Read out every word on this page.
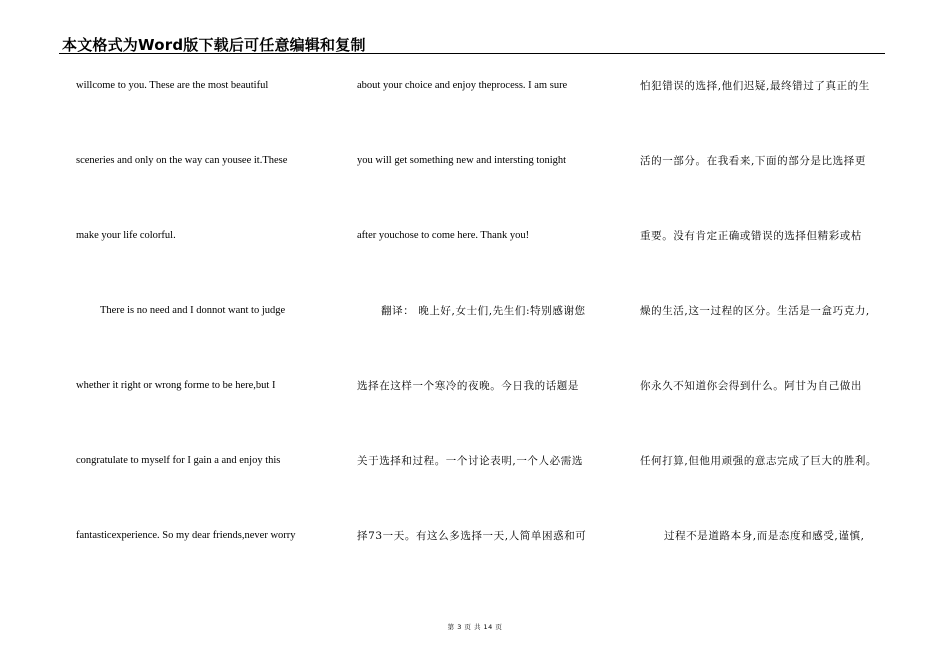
本文格式为Word版下载后可任意编辑和复制
willcome to you. These are the most beautiful
sceneries and only on the way can yousee it.These
make your life colorful.
There is no need and I donnot want to judge
whether it right or wrong forme to be here,but I
congratulate to myself for I gain a and enjoy this
fantasticexperience. So my dear friends,never worry
about your choice and enjoy theprocess. I am sure
you will get something new and intersting tonight
after youchose to come here. Thank you!
翻译： 晚上好,女士们,先生们:特别感谢您
选择在这样一个寒冷的夜晚。今日我的话题是
关于选择和过程。一个讨论表明,一个人必需选
择73一天。有这么多选择一天,人简单困惑和可
怕犯错误的选择,他们迟疑,最终错过了真正的生
活的一部分。在我看来,下面的部分是比选择更
重要。没有肯定正确或错误的选择但精彩或枯
燥的生活,这一过程的区分。生活是一盒巧克力,
你永久不知道你会得到什么。阿甘为自己做出
任何打算,但他用顽强的意志完成了巨大的胜利。
过程不是道路本身,而是态度和感受,谨慎,
第 3 页 共 14 页
